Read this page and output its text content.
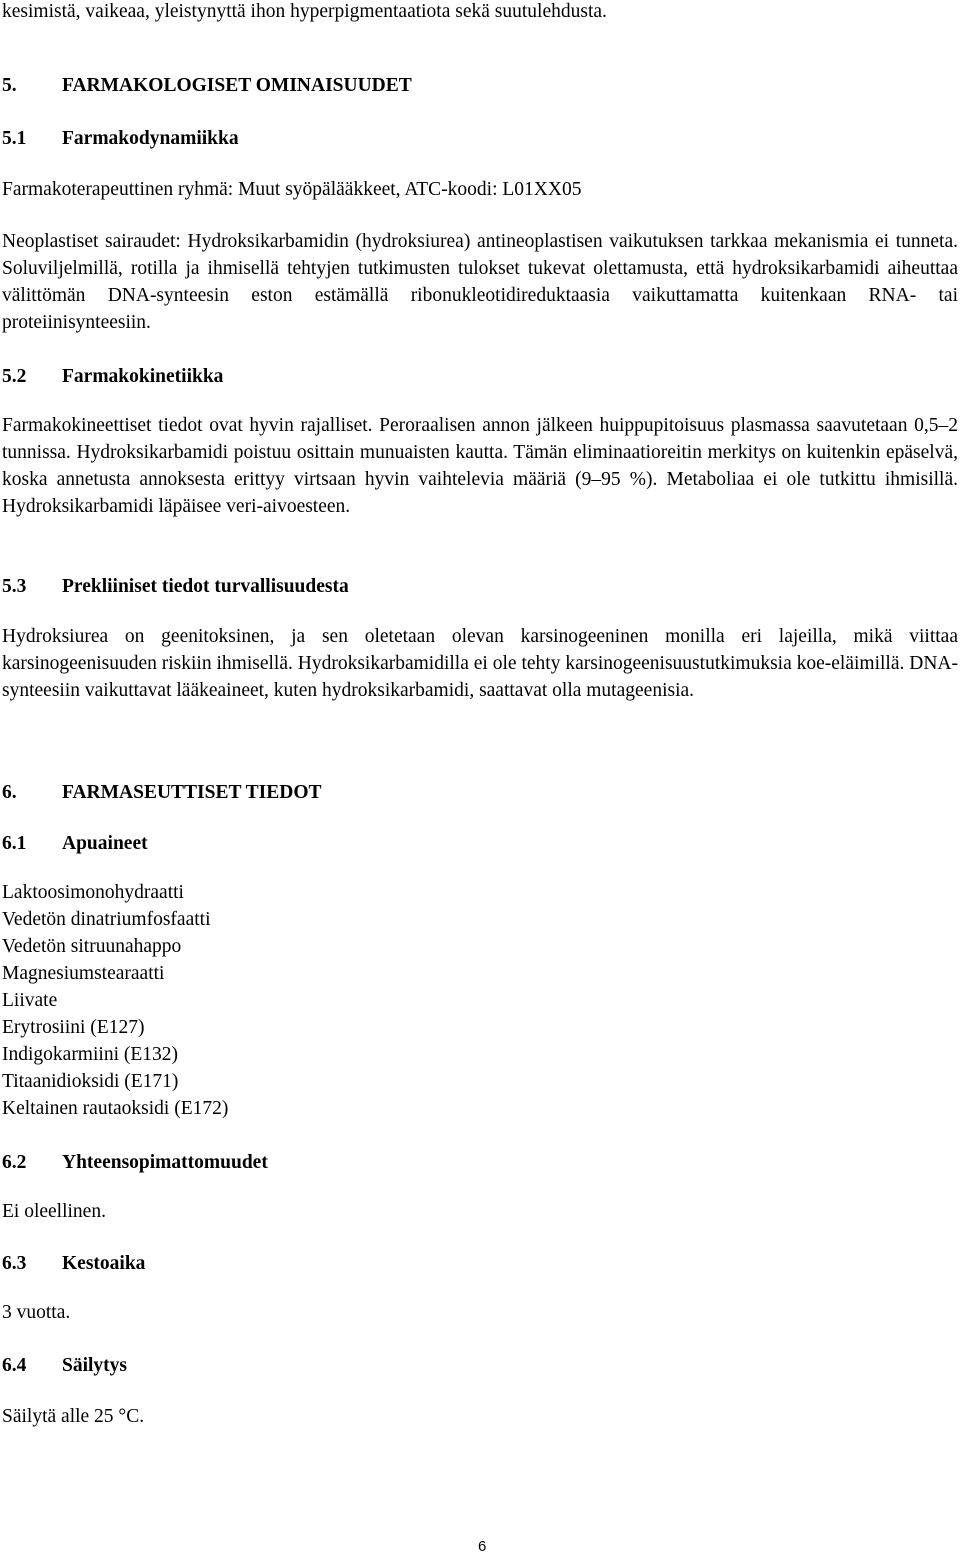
kesimistä, vaikeaa, yleistynyttä ihon hyperpigmentaatiota sekä suutulehdusta.
5. FARMAKOLOGISET OMINAISUUDET
5.1 Farmakodynamiikka
Farmakoterapeuttinen ryhmä: Muut syöpälääkkeet, ATC-koodi: L01XX05
Neoplastiset sairaudet: Hydroksikarbamidin (hydroksiurea) antineoplastisen vaikutuksen tarkkaa mekanismia ei tunneta. Soluviljelmillä, rotilla ja ihmisellä tehtyjen tutkimusten tulokset tukevat olettamusta, että hydroksikarbamidi aiheuttaa välittömän DNA-synteesin eston estämällä ribonukleotidireduktaasia vaikuttamatta kuitenkaan RNA- tai proteiinisynteesiin.
5.2 Farmakokinetiikka
Farmakokineettiset tiedot ovat hyvin rajalliset. Peroraalisen annon jälkeen huippupitoisuus plasmassa saavutetaan 0,5–2 tunnissa. Hydroksikarbamidi poistuu osittain munuaisten kautta. Tämän eliminaatioreitin merkitys on kuitenkin epäselvä, koska annetusta annoksesta erittyy virtsaan hyvin vaihtelevia määriä (9–95 %). Metaboliaa ei ole tutkittu ihmisillä. Hydroksikarbamidi läpäisee veri-aivoesteen.
5.3 Prekliiniset tiedot turvallisuudesta
Hydroksiurea on geenitoksinen, ja sen oletetaan olevan karsinogeeninen monilla eri lajeilla, mikä viittaa karsinogeenisuuden riskiin ihmisellä. Hydroksikarbamidilla ei ole tehty karsinogeenisuustutkimuksia koe-eläimillä. DNA-synteesiin vaikuttavat lääkeaineet, kuten hydroksikarbamidi, saattavat olla mutageenisia.
6. FARMASEUTTISET TIEDOT
6.1 Apuaineet
Laktoosimonohydraatti
Vedetön dinatriumfosfaatti
Vedetön sitruunahappo
Magnesiumstearaatti
Liivate
Erytrosiini (E127)
Indigokarmiini (E132)
Titaanidioksidi (E171)
Keltainen rautaoksidi (E172)
6.2 Yhteensopimattomuudet
Ei oleellinen.
6.3 Kestoaika
3 vuotta.
6.4 Säilytys
Säilytä alle 25 °C.
6
